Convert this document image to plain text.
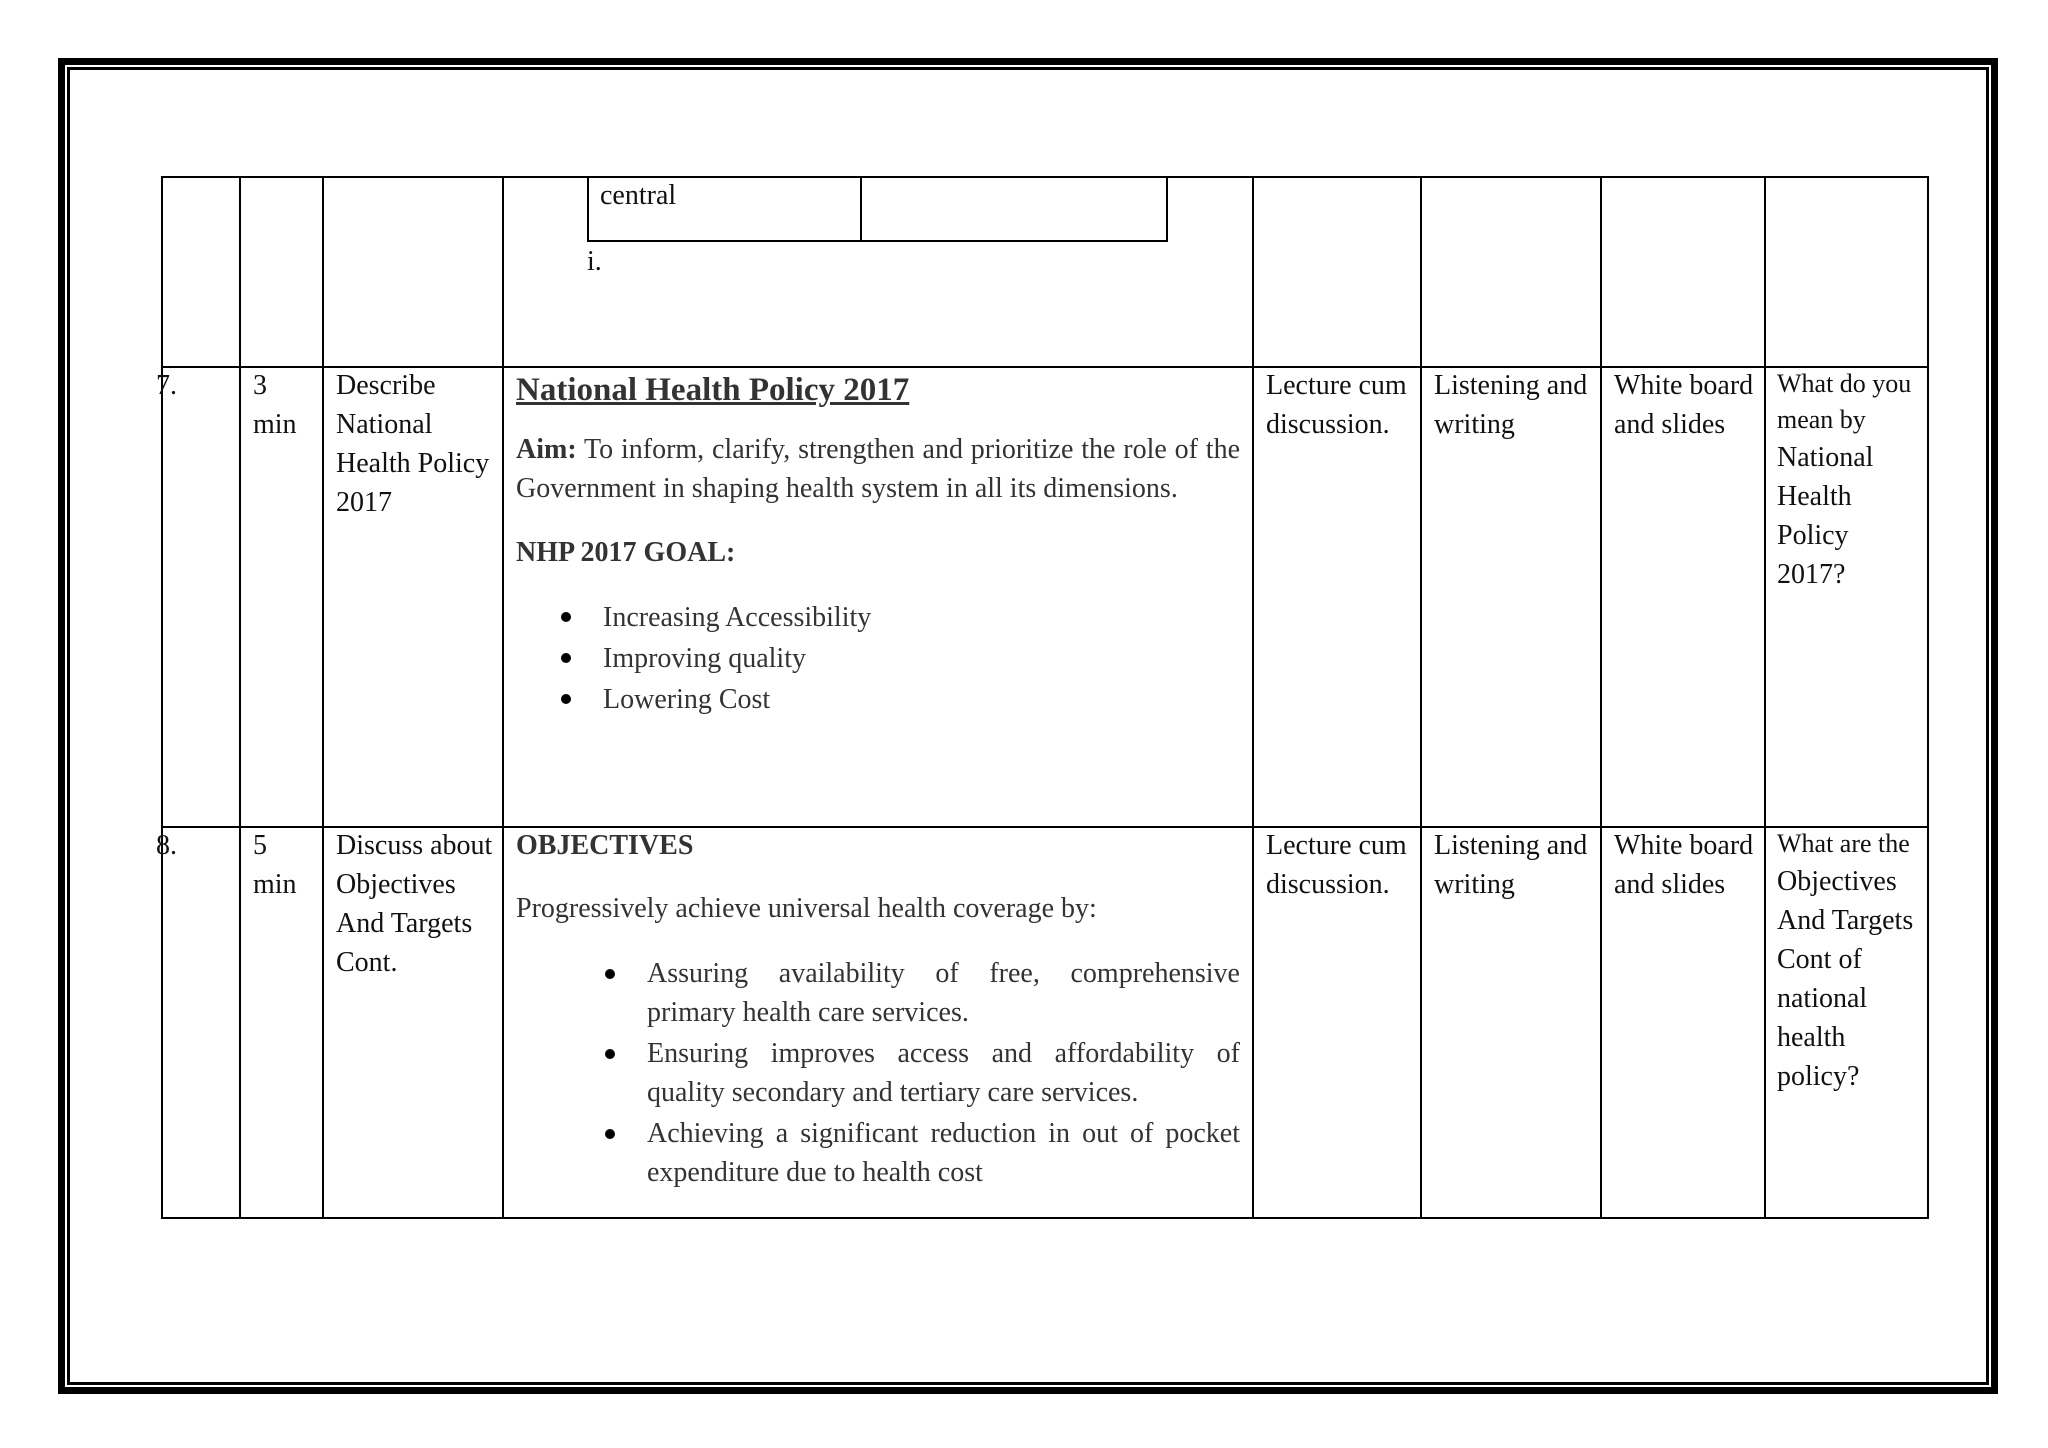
central
i.
7.	3
min
Describe National Health Policy 2017
National Health Policy 2017
Aim: To inform, clarify, strengthen and prioritize the role of the Government in shaping health system in all its dimensions.
NHP 2017 GOAL:
Increasing Accessibility
Improving quality
Lowering Cost
Lecture cum discussion.
Listening and writing
White board and slides
What do you mean by
National Health Policy 2017?
8.	5
min
Discuss about Objectives And Targets Cont.
OBJECTIVES
Progressively achieve universal health coverage by:
Assuring availability of free, comprehensive primary health care services.
Ensuring improves access and affordability of quality secondary and tertiary care services.
Achieving a significant reduction in out of pocket expenditure due to health cost
Lecture cum discussion.
Listening and writing
White board and slides
What are the
Objectives And Targets Cont of national health policy?
